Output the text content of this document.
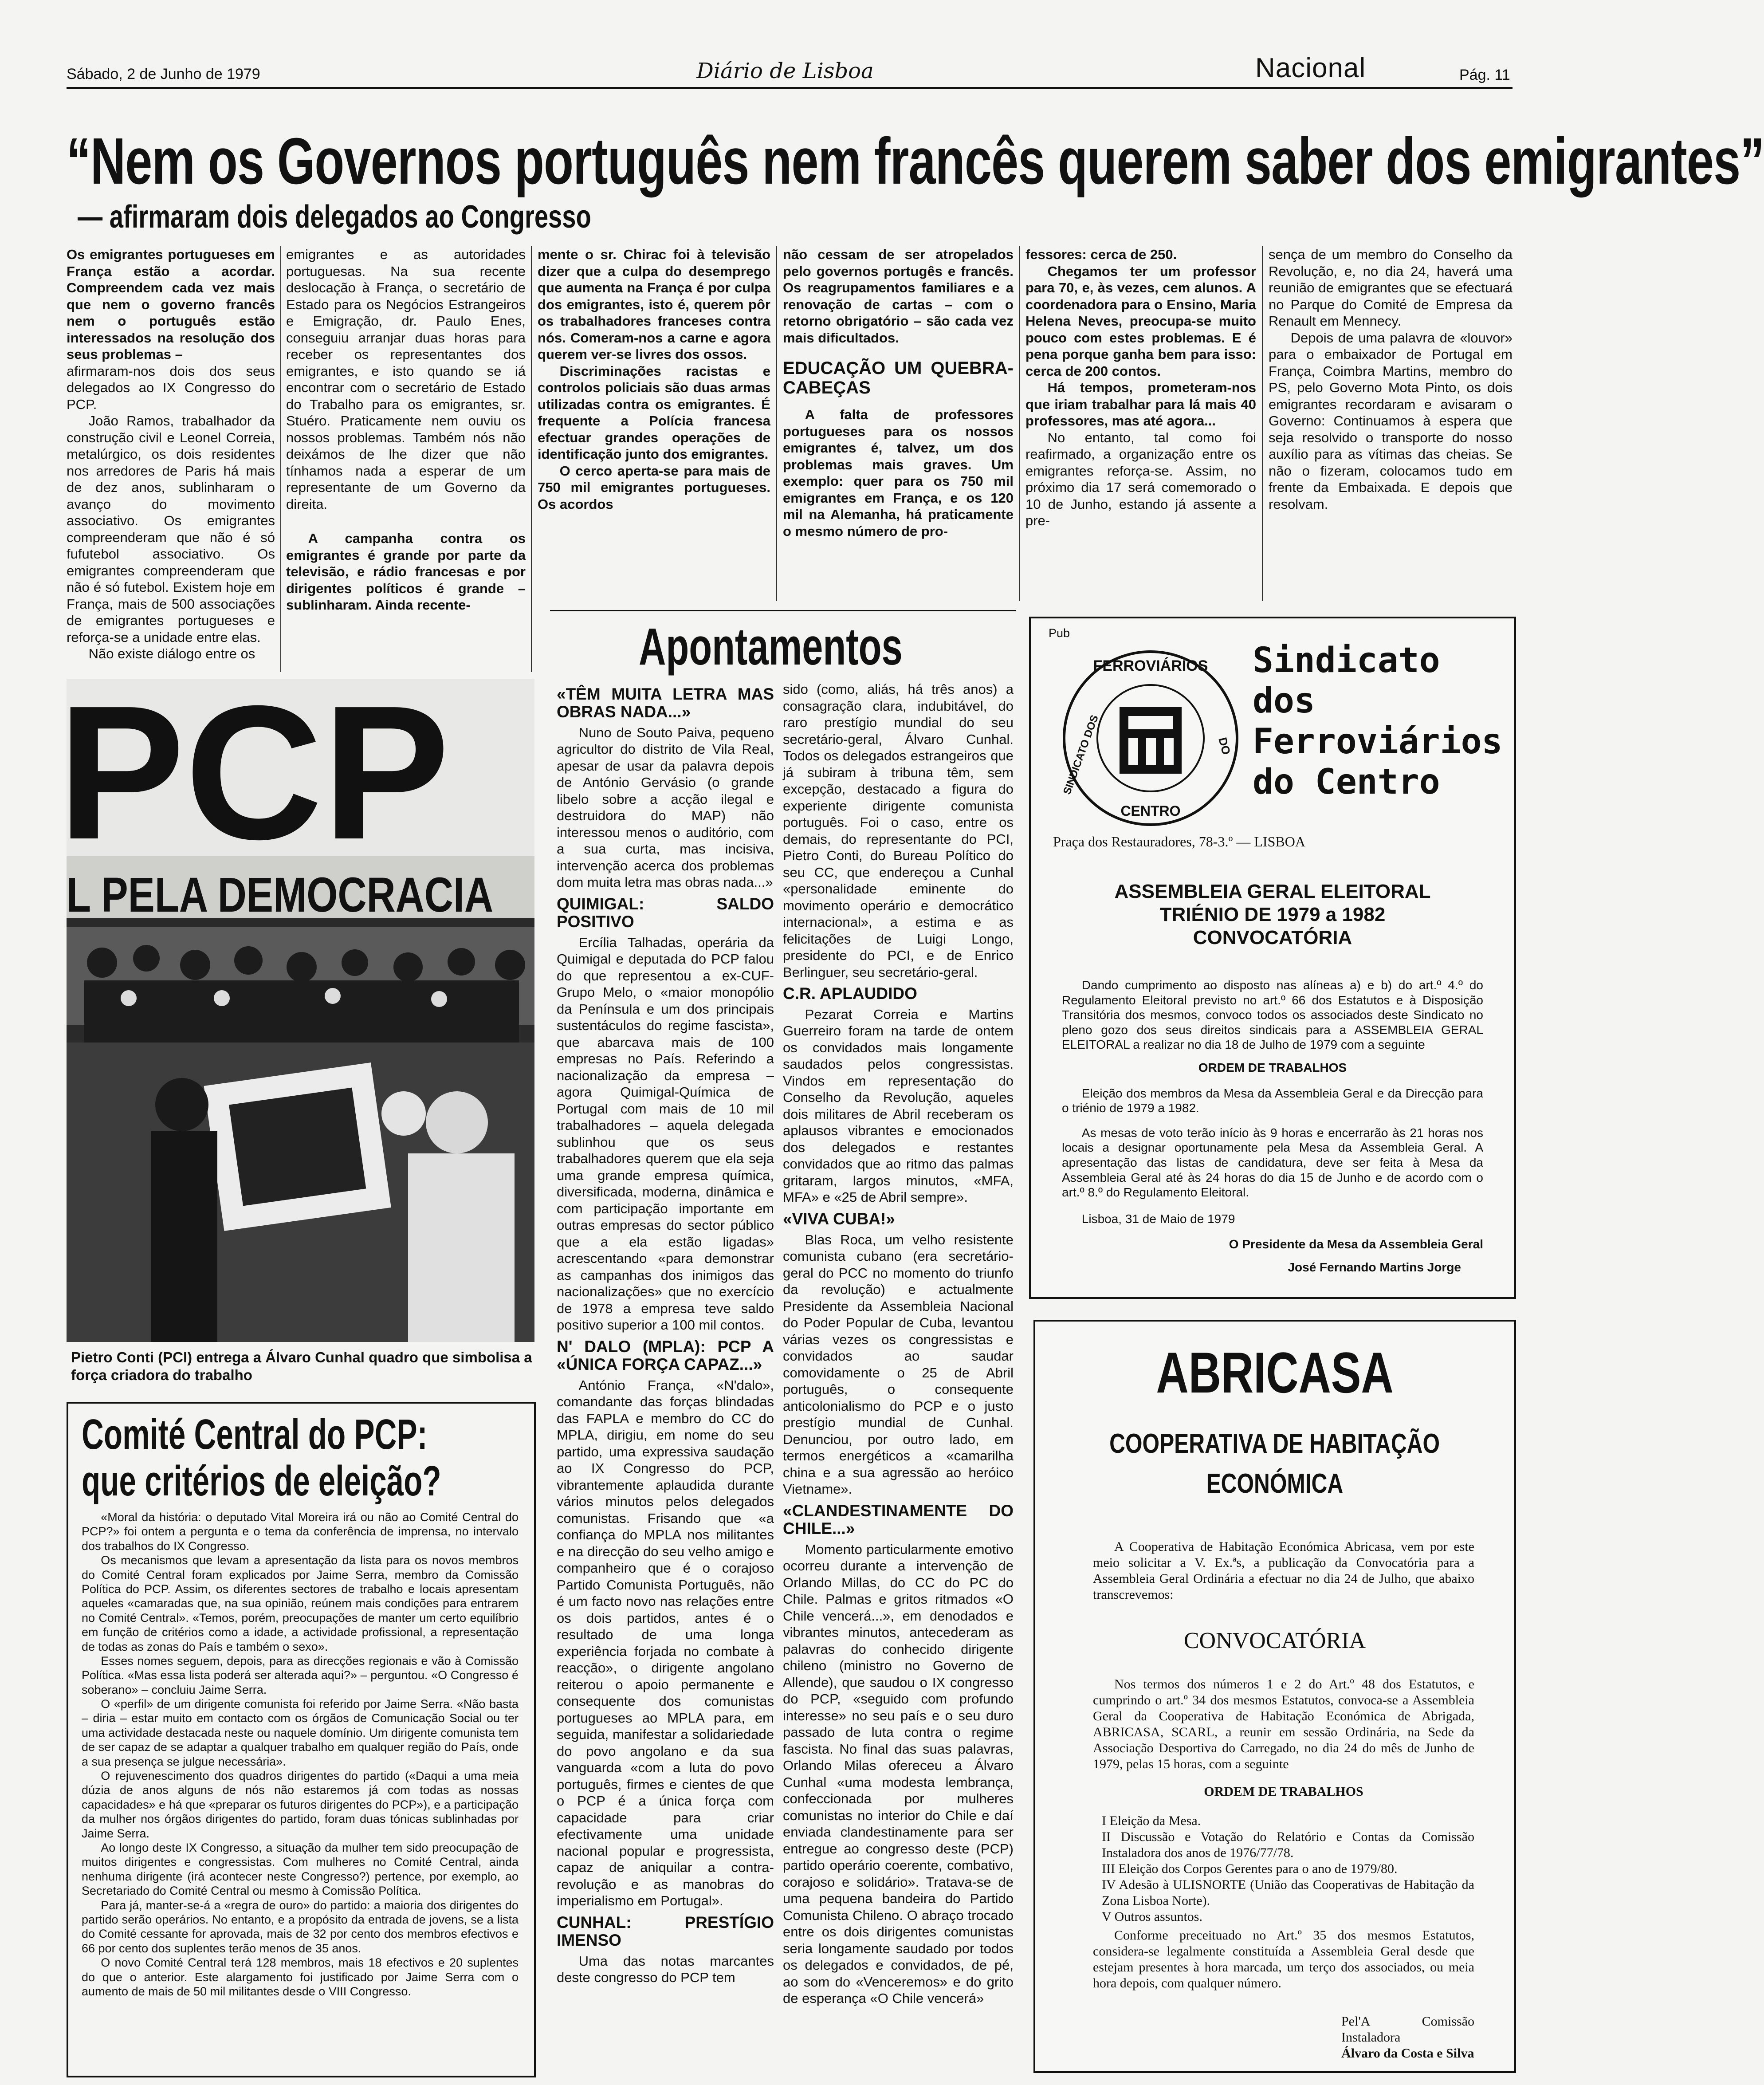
Sábado, 2 de Junho de 1979	Diário de Lisboa	Nacional	Pág. 11
“Nem os Governos português nem francês querem saber dos emigrantes”
— afirmaram dois delegados ao Congresso

Os emigrantes portugueses em França estão a acordar. Compreendem cada vez mais que nem o governo francês nem o português estão interessados na resolução dos seus problemas –

afirmaram-nos dois dos seus delegados ao IX Congresso do PCP.

João Ramos, trabalhador da construção civil e Leonel Correia, metalúrgico, os dois residentes nos arredores de Paris há mais de dez anos, sublinharam o avanço do movimento associativo. Os emigrantes compreenderam que não é só fufutebol associativo. Os emigrantes compreenderam que não é só futebol. Existem hoje em França, mais de 500 associações de emigrantes portugueses e reforça-se a unidade entre elas.

Não existe diálogo entre os

emigrantes e as autoridades portuguesas. Na sua recente deslocação à França, o secretário de Estado para os Negócios Estrangeiros e Emigração, dr. Paulo Enes, conseguiu arranjar duas horas para receber os representantes dos emigrantes, e isto quando se iá encontrar com o secretário de Estado do Trabalho para os emigrantes, sr. Stuéro. Praticamente nem ouviu os nossos problemas. Também nós não deixámos de lhe dizer que não tínhamos nada a esperar de um representante de um Governo da direita.

A campanha contra os emigrantes é grande por parte da televisão, e rádio francesas e por dirigentes políticos é grande – sublinharam. Ainda recente-

mente o sr. Chirac foi à televisão dizer que a culpa do desemprego que aumenta na França é por culpa dos emigrantes, isto é, querem pôr os trabalhadores franceses contra nós. Comeram-nos a carne e agora querem ver-se livres dos ossos.

Discriminações racistas e controlos policiais são duas armas utilizadas contra os emigrantes. É frequente a Polícia francesa efectuar grandes operações de identificação junto dos emigrantes.

O cerco aperta-se para mais de 750 mil emigrantes portugueses. Os acordos

não cessam de ser atropelados pelo governos portugês e francês. Os reagrupamentos familiares e a renovação de cartas – com o retorno obrigatório – são cada vez mais dificultados.

EDUCAÇÃO UM QUEBRA-CABEÇAS

A falta de professores portugueses para os nossos emigrantes é, talvez, um dos problemas mais graves. Um exemplo: quer para os 750 mil emigrantes em França, e os 120 mil na Alemanha, há praticamente o mesmo número de pro-

fessores: cerca de 250.

Chegamos ter um professor para 70, e, às vezes, cem alunos. A coordenadora para o Ensino, Maria Helena Neves, preocupa-se muito pouco com estes problemas. E é pena porque ganha bem para isso: cerca de 200 contos.

Há tempos, prometeram-nos que iriam trabalhar para lá mais 40 professores, mas até agora...

No entanto, tal como foi reafirmado, a organização entre os emigrantes reforça-se. Assim, no próximo dia 17 será comemorado o 10 de Junho, estando já assente a pre-

sença de um membro do Conselho da Revolução, e, no dia 24, haverá uma reunião de emigrantes que se efectuará no Parque do Comité de Empresa da Renault em Mennecy.

Depois de uma palavra de «louvor» para o embaixador de Portugal em França, Coimbra Martins, membro do PS, pelo Governo Mota Pinto, os dois emigrantes recordaram e avisaram o Governo: Continuamos à espera que seja resolvido o transporte do nosso auxílio para as vítimas das cheias. Se não o fizeram, colocamos tudo em frente da Embaixada. E depois que resolvam.

PCP
L PELA DEMOCRACIA
Pietro Conti (PCI) entrega a Álvaro Cunhal quadro que simbolisa a força criadora do trabalho
Comité Central do PCP:
que critérios de eleição?

«Moral da história: o deputado Vital Moreira irá ou não ao Comité Central do PCP?» foi ontem a pergunta e o tema da conferência de imprensa, no intervalo dos trabalhos do IX Congresso.

Os mecanismos que levam a apresentação da lista para os novos membros do Comité Central foram explicados por Jaime Serra, membro da Comissão Política do PCP. Assim, os diferentes sectores de trabalho e locais apresentam aqueles «camaradas que, na sua opinião, reúnem mais condições para entrarem no Comité Central». «Temos, porém, preocupações de manter um certo equilíbrio em função de critérios como a idade, a actividade profissional, a representação de todas as zonas do País e também o sexo».

Esses nomes seguem, depois, para as direcções regionais e vão à Comissão Política. «Mas essa lista poderá ser alterada aqui?» – perguntou. «O Congresso é soberano» – concluiu Jaime Serra.

O «perfil» de um dirigente comunista foi referido por Jaime Serra. «Não basta – diria – estar muito em contacto com os órgãos de Comunicação Social ou ter uma actividade destacada neste ou naquele domínio. Um dirigente comunista tem de ser capaz de se adaptar a qualquer trabalho em qualquer região do País, onde a sua presença se julgue necessária».

O rejuvenescimento dos quadros dirigentes do partido («Daqui a uma meia dúzia de anos alguns de nós não estaremos já com todas as nossas capacidades» e há que «preparar os futuros dirigentes do PCP»), e a participação da mulher nos órgãos dirigentes do partido, foram duas tónicas sublinhadas por Jaime Serra.

Ao longo deste IX Congresso, a situação da mulher tem sido preocupação de muitos dirigentes e congressistas. Com mulheres no Comité Central, ainda nenhuma dirigente (irá acontecer neste Congresso?) pertence, por exemplo, ao Secretariado do Comité Central ou mesmo à Comissão Política.

Para já, manter-se-á a «regra de ouro» do partido: a maioria dos dirigentes do partido serão operários. No entanto, e a propósito da entrada de jovens, se a lista do Comité cessante for aprovada, mais de 32 por cento dos membros efectivos e 66 por cento dos suplentes terão menos de 35 anos.

O novo Comité Central terá 128 membros, mais 18 efectivos e 20 suplentes do que o anterior. Este alargamento foi justificado por Jaime Serra com o aumento de mais de 50 mil militantes desde o VIII Congresso.

Apontamentos
«TÊM MUITA LETRA MAS OBRAS NADA...»

Nuno de Souto Paiva, pequeno agricultor do distrito de Vila Real, apesar de usar da palavra depois de António Gervásio (o grande libelo sobre a acção ilegal e destruidora do MAP) não interessou menos o auditório, com a sua curta, mas incisiva, intervenção acerca dos problemas dom muita letra mas obras nada...»

QUIMIGAL: SALDO POSITIVO

Ercília Talhadas, operária da Quimigal e deputada do PCP falou do que representou a ex-CUF-Grupo Melo, o «maior monopólio da Península e um dos principais sustentáculos do regime fascista», que abarcava mais de 100 empresas no País. Referindo a nacionalização da empresa – agora Quimigal-Química de Portugal com mais de 10 mil trabalhadores – aquela delegada sublinhou que os seus trabalhadores querem que ela seja uma grande empresa química, diversificada, moderna, dinâmica e com participação importante em outras empresas do sector público que a ela estão ligadas» acrescentando «para demonstrar as campanhas dos inimigos das nacionalizações» que no exercício de 1978 a empresa teve saldo positivo superior a 100 mil contos.

N' DALO (MPLA): PCP A «ÚNICA FORÇA CAPAZ...»

António França, «N'dalo», comandante das forças blindadas das FAPLA e membro do CC do MPLA, dirigiu, em nome do seu partido, uma expressiva saudação ao IX Congresso do PCP, vibrantemente aplaudida durante vários minutos pelos delegados comunistas. Frisando que «a confiança do MPLA nos militantes e na direcção do seu velho amigo e companheiro que é o corajoso Partido Comunista Português, não é um facto novo nas relações entre os dois partidos, antes é o resultado de uma longa experiência forjada no combate à reacção», o dirigente angolano reiterou o apoio permanente e consequente dos comunistas portugueses ao MPLA para, em seguida, manifestar a solidariedade do povo angolano e da sua vanguarda «com a luta do povo português, firmes e cientes de que o PCP é a única força com capacidade para criar efectivamente uma unidade nacional popular e progressista, capaz de aniquilar a contra-revolução e as manobras do imperialismo em Portugal».

CUNHAL: PRESTÍGIO IMENSO

Uma das notas marcantes deste congresso do PCP tem

sido (como, aliás, há três anos) a consagração clara, indubitável, do raro prestígio mundial do seu secretário-geral, Álvaro Cunhal. Todos os delegados estrangeiros que já subiram à tribuna têm, sem excepção, destacado a figura do experiente dirigente comunista português. Foi o caso, entre os demais, do representante do PCI, Pietro Conti, do Bureau Político do seu CC, que endereçou a Cunhal «personalidade eminente do movimento operário e democrático internacional», a estima e as felicitações de Luigi Longo, presidente do PCI, e de Enrico Berlinguer, seu secretário-geral.

C.R. APLAUDIDO

Pezarat Correia e Martins Guerreiro foram na tarde de ontem os convidados mais longamente saudados pelos congressistas. Vindos em representação do Conselho da Revolução, aqueles dois militares de Abril receberam os aplausos vibrantes e emocionados dos delegados e restantes convidados que ao ritmo das palmas gritaram, largos minutos, «MFA, MFA» e «25 de Abril sempre».

«VIVA CUBA!»

Blas Roca, um velho resistente comunista cubano (era secretário-geral do PCC no momento do triunfo da revolução) e actualmente Presidente da Assembleia Nacional do Poder Popular de Cuba, levantou várias vezes os congressistas e convidados ao saudar comovidamente o 25 de Abril português, o consequente anticolonialismo do PCP e o justo prestígio mundial de Cunhal. Denunciou, por outro lado, em termos energéticos a «camarilha china e a sua agressão ao heróico Vietname».

«CLANDESTINAMENTE DO CHILE...»

Momento particularmente emotivo ocorreu durante a intervenção de Orlando Millas, do CC do PC do Chile. Palmas e gritos ritmados «O Chile vencerá...», em denodados e vibrantes minutos, antecederam as palavras do conhecido dirigente chileno (ministro no Governo de Allende), que saudou o IX congresso do PCP, «seguido com profundo interesse» no seu país e o seu duro passado de luta contra o regime fascista. No final das suas palavras, Orlando Milas ofereceu a Álvaro Cunhal «uma modesta lembrança, confeccionada por mulheres comunistas no interior do Chile e daí enviada clandestinamente para ser entregue ao congresso deste (PCP) partido operário coerente, combativo, corajoso e solidário». Tratava-se de uma pequena bandeira do Partido Comunista Chileno. O abraço trocado entre os dois dirigentes comunistas seria longamente saudado por todos os delegados e convidados, de pé, ao som do «Venceremos» e do grito de esperança «O Chile vencerá»

Pub
FERROVIÁRIOS
SINDICATO DOS	DO
CENTRO
Sindicato
dos
Ferroviários
do Centro
Praça dos Restauradores, 78-3.º — LISBOA
ASSEMBLEIA GERAL ELEITORAL
TRIÉNIO DE 1979 a 1982
CONVOCATÓRIA

Dando cumprimento ao disposto nas alíneas a) e b) do art.º 4.º do Regulamento Eleitoral previsto no art.º 66 dos Estatutos e à Disposição Transitória dos mesmos, convoco todos os associados deste Sindicato no pleno gozo dos seus direitos sindicais para a ASSEMBLEIA GERAL ELEITORAL a realizar no dia 18 de Julho de 1979 com a seguinte

ORDEM DE TRABALHOS

Eleição dos membros da Mesa da Assembleia Geral e da Direcção para o triénio de 1979 a 1982.

As mesas de voto terão início às 9 horas e encerrarão às 21 horas nos locais a designar oportunamente pela Mesa da Assembleia Geral. A apresentação das listas de candidatura, deve ser feita à Mesa da Assembleia Geral até às 24 horas do dia 15 de Junho e de acordo com o art.º 8.º do Regulamento Eleitoral.

Lisboa, 31 de Maio de 1979

O Presidente da Mesa da Assembleia Geral
José Fernando Martins Jorge
ABRICASA
COOPERATIVA DE HABITAÇÃO
ECONÓMICA

A Cooperativa de Habitação Económica Abricasa, vem por este meio solicitar a V. Ex.ªs, a publicação da Convocatória para a Assembleia Geral Ordinária a efectuar no dia 24 de Julho, que abaixo transcrevemos:

CONVOCATÓRIA

Nos termos dos números 1 e 2 do Art.º 48 dos Estatutos, e cumprindo o art.º 34 dos mesmos Estatutos, convoca-se a Assembleia Geral da Cooperativa de Habitação Económica de Abrigada, ABRICASA, SCARL, a reunir em sessão Ordinária, na Sede da Associação Desportiva do Carregado, no dia 24 do mês de Junho de 1979, pelas 15 horas, com a seguinte

ORDEM DE TRABALHOS
I Eleição da Mesa.
II Discussão e Votação do Relatório e Contas da Comissão Instaladora dos anos de 1976/77/78.
III Eleição dos Corpos Gerentes para o ano de 1979/80.
IV Adesão à ULISNORTE (União das Cooperativas de Habitação da Zona Lisboa Norte).
V Outros assuntos.

Conforme preceituado no Art.º 35 dos mesmos Estatutos, considera-se legalmente constituída a Assembleia Geral desde que estejam presentes à hora marcada, um terço dos associados, ou meia hora depois, com qualquer número.

Pel'A Comissão Instaladora
Álvaro da Costa e Silva
